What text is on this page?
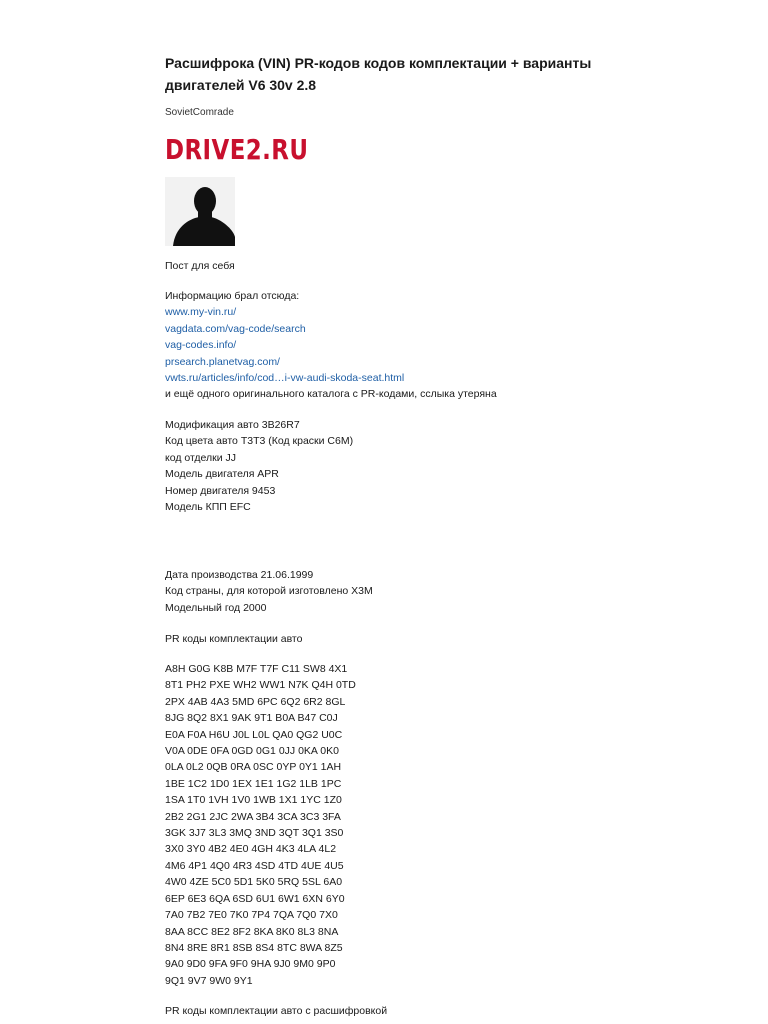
Расшифрока (VIN) PR-кодов кодов комплектации + варианты
двигателей V6 30v 2.8
SovietComrade
DRIVE2.RU
Пост для себя
Информацию брал отсюда:
www.my-vin.ru/
vagdata.com/vag-code/search
vag-codes.info/
prsearch.planetvag.com/
vwts.ru/articles/info/cod…i-vw-audi-skoda-seat.html
и ещё одного оригинального каталога с PR-кодами, сслыка утеряна
Модификация авто 3B26R7
Код цвета авто T3T3 (Код краски C6M)
код отделки JJ
Модель двигателя APR
Номер двигателя 9453
Модель КПП EFC
Дата производства 21.06.1999
Код страны, для которой изготовлено X3M
Модельный год 2000
PR коды комплектации авто
A8H G0G K8B M7F T7F C11 SW8 4X1
8T1 PH2 PXE WH2 WW1 N7K Q4H 0TD
2PX 4AB 4A3 5MD 6PC 6Q2 6R2 8GL
8JG 8Q2 8X1 9AK 9T1 B0A B47 C0J
E0A F0A H6U J0L L0L QA0 QG2 U0C
V0A 0DE 0FA 0GD 0G1 0JJ 0KA 0K0
0LA 0L2 0QB 0RA 0SC 0YP 0Y1 1AH
1BE 1C2 1D0 1EX 1E1 1G2 1LB 1PC
1SA 1T0 1VH 1V0 1WB 1X1 1YC 1Z0
2B2 2G1 2JC 2WA 3B4 3CA 3C3 3FA
3GK 3J7 3L3 3MQ 3ND 3QT 3Q1 3S0
3X0 3Y0 4B2 4E0 4GH 4K3 4LA 4L2
4M6 4P1 4Q0 4R3 4SD 4TD 4UE 4U5
4W0 4ZE 5C0 5D1 5K0 5RQ 5SL 6A0
6EP 6E3 6QA 6SD 6U1 6W1 6XN 6Y0
7A0 7B2 7E0 7K0 7P4 7QA 7Q0 7X0
8AA 8CC 8E2 8F2 8KA 8K0 8L3 8NA
8N4 8RE 8R1 8SB 8S4 8TC 8WA 8Z5
9A0 9D0 9FA 9F0 9HA 9J0 9M0 9P0
9Q1 9V7 9W0 9Y1
PR коды комплектации авто с расшифровкой
